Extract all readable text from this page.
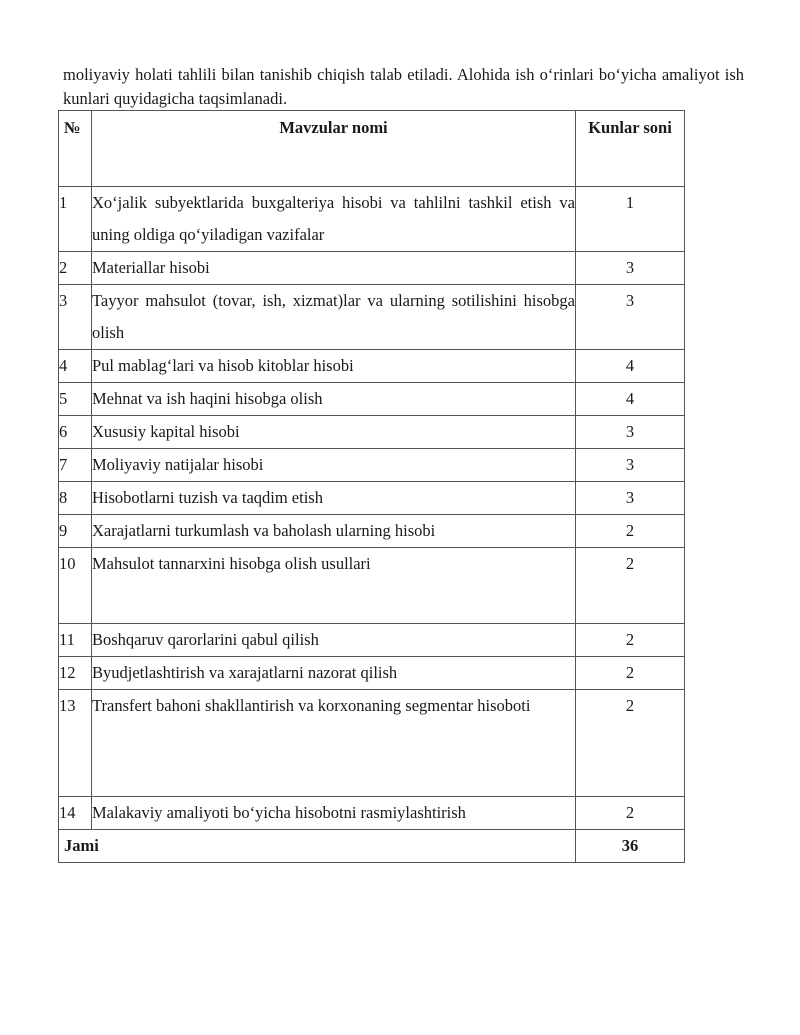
moliyaviy holati tahlili bilan tanishib chiqish talab etiladi. Alohida ish oʻrinlari boʻyicha amaliyot ish kunlari quyidagicha taqsimlanadi.

№	Mavzular nomi	Kunlar soni
1	Xoʻjalik subyektlarida buxgalteriya hisobi va tahlilni tashkil etish va uning oldiga qoʻyiladigan vazifalar	1
2	Materiallar hisobi	3
3	Tayyor mahsulot (tovar, ish, xizmat)lar va ularning sotilishini hisobga olish	3
4	Pul mablagʻlari va hisob kitoblar hisobi	4
5	Mehnat va ish haqini hisobga olish	4
6	Xususiy kapital hisobi	3
7	Moliyaviy natijalar hisobi	3
8	Hisobotlarni tuzish va taqdim etish	3
9	Xarajatlarni turkumlash va baholash ularning hisobi	2
10	Mahsulot tannarxini hisobga olish usullari	2
11	Boshqaruv qarorlarini qabul qilish	2
12	Byudjetlashtirish va xarajatlarni nazorat qilish	2
13	Transfert bahoni shakllantirish va korxonaning segmentar hisoboti	2
14	Malakaviy amaliyoti boʻyicha hisobotni rasmiylashtirish	2
Jami		36
